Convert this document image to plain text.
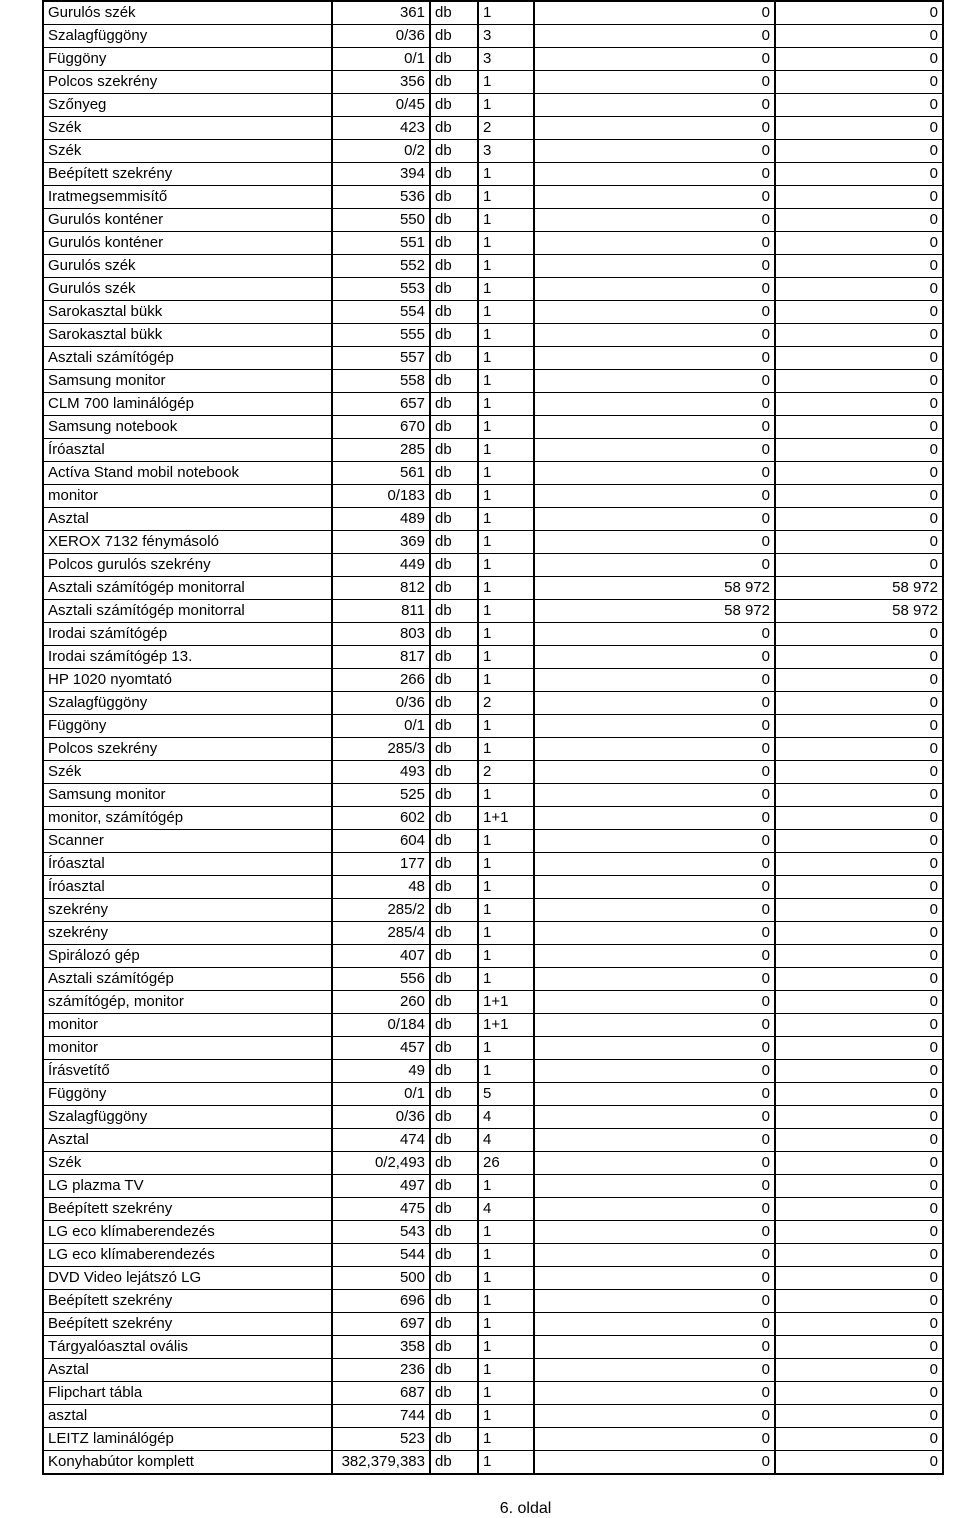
Gurulós szék	361	db	1	0	0
Szalagfüggöny	0/36	db	3	0	0
Függöny	0/1	db	3	0	0
Polcos szekrény	356	db	1	0	0
Szőnyeg	0/45	db	1	0	0
Szék	423	db	2	0	0
Szék	0/2	db	3	0	0
Beépített szekrény	394	db	1	0	0
Iratmegsemmisítő	536	db	1	0	0
Gurulós konténer	550	db	1	0	0
Gurulós konténer	551	db	1	0	0
Gurulós szék	552	db	1	0	0
Gurulós szék	553	db	1	0	0
Sarokasztal bükk	554	db	1	0	0
Sarokasztal bükk	555	db	1	0	0
Asztali számítógép	557	db	1	0	0
Samsung monitor	558	db	1	0	0
CLM 700 laminálógép	657	db	1	0	0
Samsung notebook	670	db	1	0	0
Íróasztal	285	db	1	0	0
Actíva Stand mobil notebook	561	db	1	0	0
monitor	0/183	db	1	0	0
Asztal	489	db	1	0	0
XEROX 7132 fénymásoló	369	db	1	0	0
Polcos gurulós szekrény	449	db	1	0	0
Asztali számítógép monitorral	812	db	1	58 972	58 972
Asztali számítógép monitorral	811	db	1	58 972	58 972
Irodai számítógép	803	db	1	0	0
Irodai számítógép 13.	817	db	1	0	0
HP 1020 nyomtató	266	db	1	0	0
Szalagfüggöny	0/36	db	2	0	0
Függöny	0/1	db	1	0	0
Polcos szekrény	285/3	db	1	0	0
Szék	493	db	2	0	0
Samsung monitor	525	db	1	0	0
monitor, számítógép	602	db	1+1	0	0
Scanner	604	db	1	0	0
Íróasztal	177	db	1	0	0
Íróasztal	48	db	1	0	0
szekrény	285/2	db	1	0	0
szekrény	285/4	db	1	0	0
Spirálozó gép	407	db	1	0	0
Asztali számítógép	556	db	1	0	0
számítógép, monitor	260	db	1+1	0	0
monitor	0/184	db	1+1	0	0
monitor	457	db	1	0	0
Írásvetítő	49	db	1	0	0
Függöny	0/1	db	5	0	0
Szalagfüggöny	0/36	db	4	0	0
Asztal	474	db	4	0	0
Szék	0/2,493	db	26	0	0
LG plazma TV	497	db	1	0	0
Beépített szekrény	475	db	4	0	0
LG eco klímaberendezés	543	db	1	0	0
LG eco klímaberendezés	544	db	1	0	0
DVD Video lejátszó LG	500	db	1	0	0
Beépített szekrény	696	db	1	0	0
Beépített szekrény	697	db	1	0	0
Tárgyalóasztal ovális	358	db	1	0	0
Asztal	236	db	1	0	0
Flipchart tábla	687	db	1	0	0
asztal	744	db	1	0	0
LEITZ laminálógép	523	db	1	0	0
Konyhabútor komplett	382,379,383	db	1	0	0
6. oldal
